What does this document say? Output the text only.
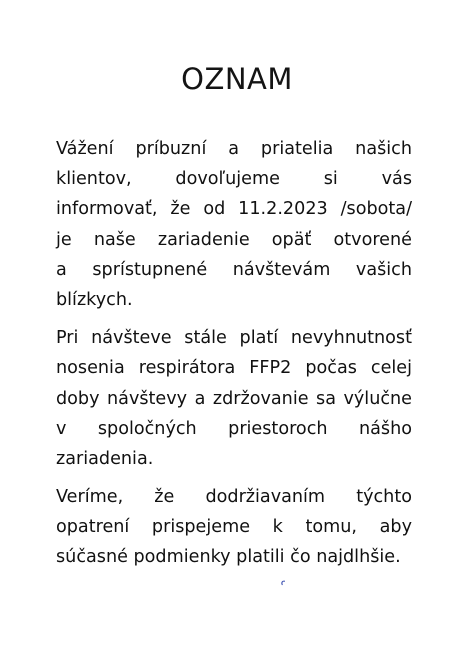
OZNAM
Vážení príbuzní a priatelia našich
klientov, dovoľujeme si vás
informovať, že od 11.2.2023 /sobota/
je naše zariadenie opäť otvorené
a sprístupnené návštevám vašich
blízkych.
Pri návšteve stále platí nevyhnutnosť
nosenia respirátora FFP2 počas celej
doby návštevy a zdržovanie sa výlučne
v spoločných priestoroch nášho
zariadenia.
Veríme, že dodržiavaním týchto
opatrení prispejeme k tomu, aby
súčasné podmienky platili čo najdlhšie.
